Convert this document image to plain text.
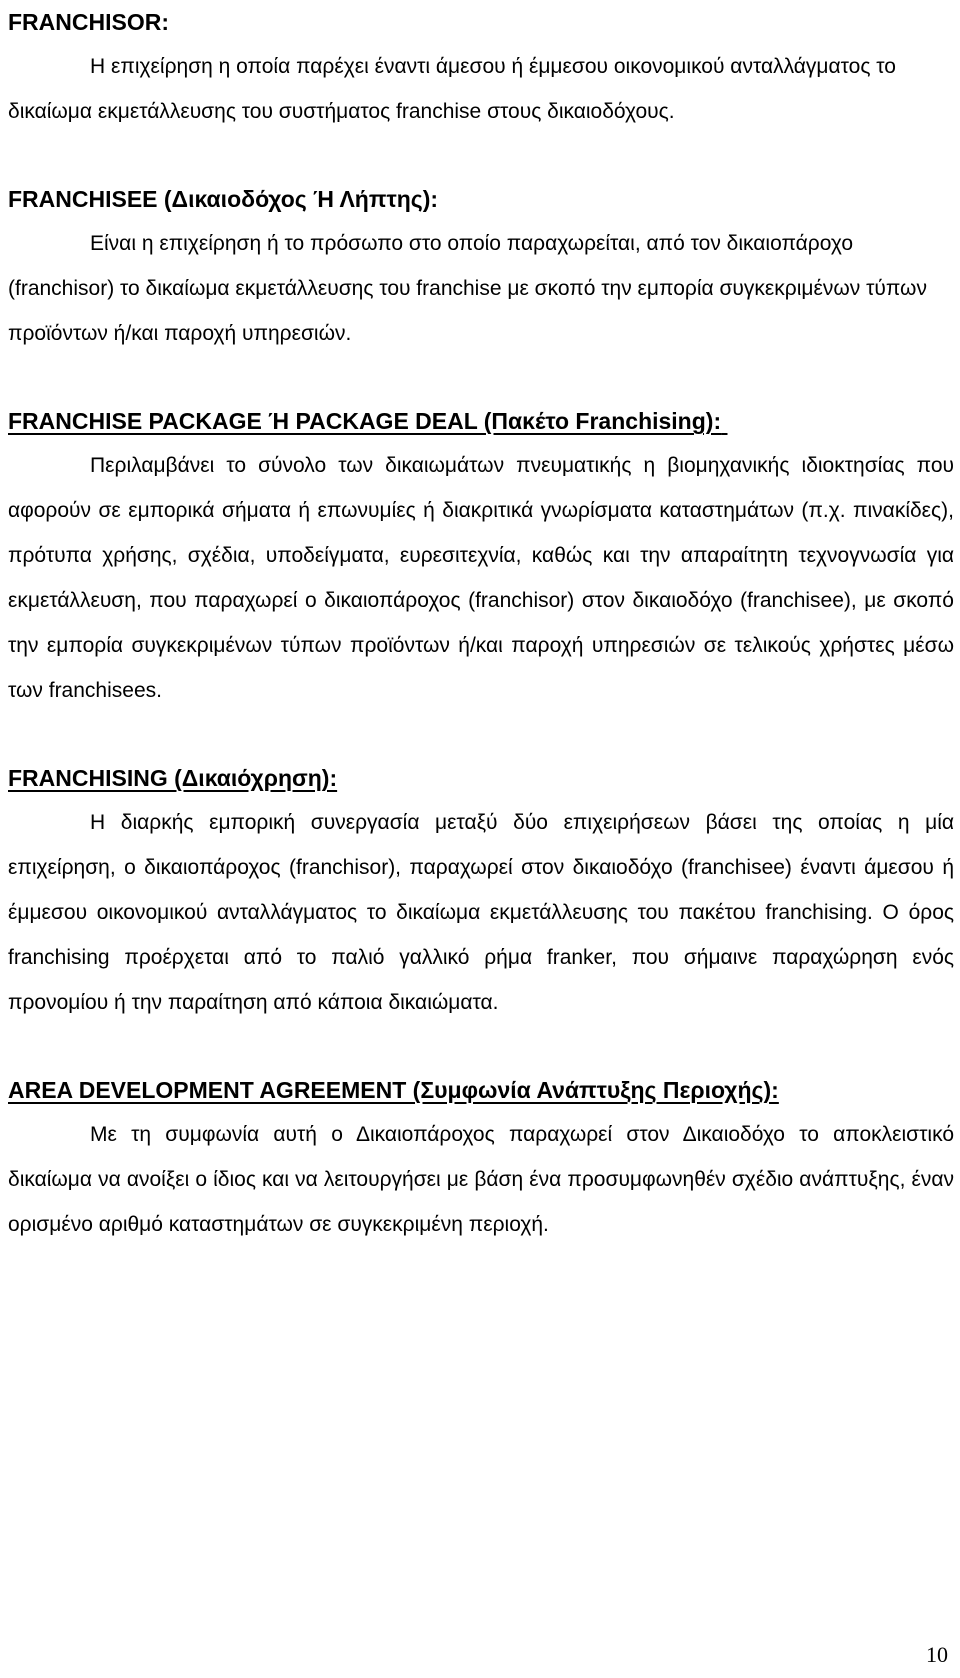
FRANCHISOR:

Η επιχείρηση η οποία παρέχει έναντι άμεσου ή έμμεσου οικονομικού ανταλλάγματος το δικαίωμα εκμετάλλευσης του συστήματος franchise στους δικαιοδόχους.

FRANCHISEE (Δικαιοδόχος Ή Λήπτης):

Είναι η επιχείρηση ή το πρόσωπο στο οποίο παραχωρείται, από τον δικαιοπάροχο (franchisor) το δικαίωμα εκμετάλλευσης του franchise με σκοπό την εμπορία συγκεκριμένων τύπων προϊόντων ή/και παροχή υπηρεσιών.

FRANCHISE PACKAGE Ή PACKAGE DEAL (Πακέτο Franchising):

Περιλαμβάνει το σύνολο των δικαιωμάτων πνευματικής η βιομηχανικής ιδιοκτησίας που αφορούν σε εμπορικά σήματα ή επωνυμίες ή διακριτικά γνωρίσματα καταστημάτων (π.χ. πινακίδες), πρότυπα χρήσης, σχέδια, υποδείγματα, ευρεσιτεχνία, καθώς και την απαραίτητη τεχνογνωσία για εκμετάλλευση, που παραχωρεί ο δικαιοπάροχος (franchisor) στον δικαιοδόχο (franchisee), με σκοπό την εμπορία συγκεκριμένων τύπων προϊόντων ή/και παροχή υπηρεσιών σε τελικούς χρήστες μέσω των franchisees.

FRANCHISING (Δικαιόχρηση):

Η διαρκής εμπορική συνεργασία μεταξύ δύο επιχειρήσεων βάσει της οποίας η μία επιχείρηση, ο δικαιοπάροχος (franchisor), παραχωρεί στον δικαιοδόχο (franchisee) έναντι άμεσου ή έμμεσου οικονομικού ανταλλάγματος το δικαίωμα εκμετάλλευσης του πακέτου franchising. Ο όρος franchising προέρχεται από το παλιό γαλλικό ρήμα franker, που σήμαινε παραχώρηση ενός προνομίου ή την παραίτηση από κάποια δικαιώματα.

AREA DEVELOPMENT AGREEMENT (Συμφωνία Ανάπτυξης Περιοχής):

Με τη συμφωνία αυτή ο Δικαιοπάροχος παραχωρεί στον Δικαιοδόχο το αποκλειστικό δικαίωμα να ανοίξει ο ίδιος και να λειτουργήσει με βάση ένα προσυμφωνηθέν σχέδιο ανάπτυξης, έναν ορισμένο αριθμό καταστημάτων σε συγκεκριμένη περιοχή.

10
